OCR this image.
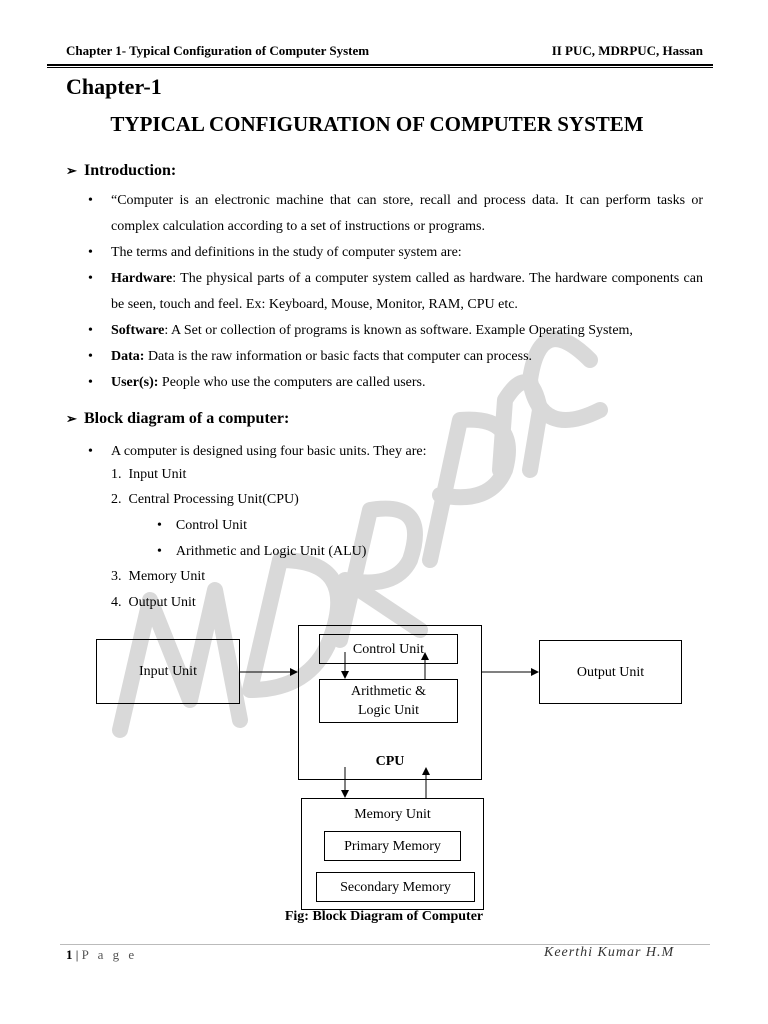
Chapter 1- Typical Configuration of Computer System	II PUC, MDRPUC, Hassan
Chapter-1
TYPICAL CONFIGURATION OF COMPUTER SYSTEM
➢ Introduction:
• “Computer is an electronic machine that can store, recall and process data. It can perform tasks or complex calculation according to a set of instructions or programs.
• The terms and definitions in the study of computer system are:
• Hardware: The physical parts of a computer system called as hardware. The hardware components can be seen, touch and feel. Ex: Keyboard, Mouse, Monitor, RAM, CPU etc.
• Software: A Set or collection of programs is known as software. Example Operating System,
• Data: Data is the raw information or basic facts that computer can process.
• User(s): People who use the computers are called users.
➢ Block diagram of a computer:
• A computer is designed using four basic units. They are:
1. Input Unit
2. Central Processing Unit(CPU)
•    Control Unit
•    Arithmetic and Logic Unit (ALU)
3. Memory Unit
4. Output Unit
Input Unit
CPU
Control Unit
Arithmetic &
Logic Unit
Output Unit
Memory Unit
Primary Memory
Secondary Memory
Fig: Block Diagram of Computer
1 | P a g e	Keerthi Kumar H.M
